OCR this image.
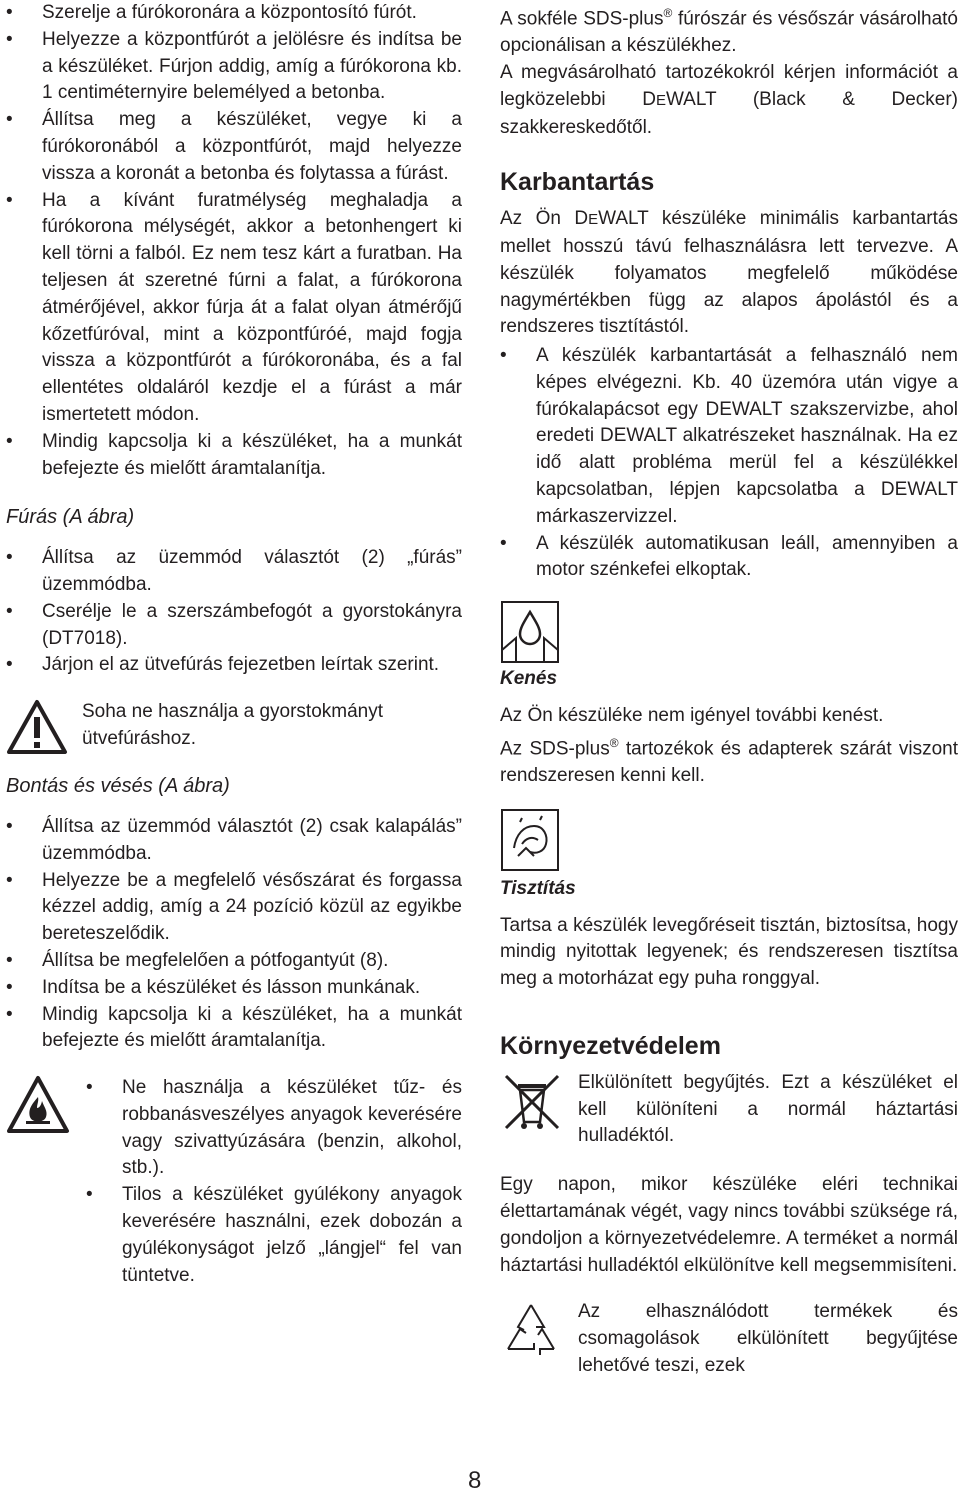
• Szerelje a fúrókoronára a központosító fúrót.
• Helyezze a központfúrót a jelölésre és indítsa be a készüléket. Fúrjon addig, amíg a fúrókorona kb. 1 centiméternyire belemélyed a betonba.
• Állítsa meg a készüléket, vegye ki a fúrókoronából a központfúrót, majd helyezze vissza a koronát a betonba és folytassa a fúrást.
• Ha a kívánt furatmélység meghaladja a fúrókorona mélységét, akkor a betonhengert ki kell törni a falból. Ez nem tesz kárt a furatban. Ha teljesen át szeretné fúrni a falat, a fúrókorona átmérőjével, akkor fúrja át a falat olyan átmérőjű kőzetfúróval, mint a központfúróé, majd fogja vissza a központfúrót a fúrókoronába, és a fal ellentétes oldaláról kezdje el a fúrást a már ismertetett módon.
• Mindig kapcsolja ki a készüléket, ha a munkát befejezte és mielőtt áramtalanítja.
Fúrás (A ábra)
• Állítsa az üzemmód választót (2) „fúrás” üzemmódba.
• Cserélje le a szerszámbefogót a gyorstokányra (DT7018).
• Járjon el az ütvefúrás fejezetben leírtak szerint.

Soha ne használja a gyorstokmányt ütvefúráshoz.

Bontás és vésés (A ábra)
• Állítsa az üzemmód választót (2) csak kalapálás” üzemmódba.
• Helyezze be a megfelelő vésőszárat és forgassa kézzel addig, amíg a 24 pozíció közül az egyikbe bereteszelődik.
• Állítsa be megfelelően a pótfogantyút (8).
• Indítsa be a készüléket és lásson munkának.
• Mindig kapcsolja ki a készüléket, ha a munkát befejezte és mielőtt áramtalanítja.
• Ne használja a készüléket tűz- és robbanásveszélyes anyagok keverésére vagy szivattyúzására (benzin, alkohol, stb.).
• Tilos a készüléket gyúlékony anyagok keverésére használni, ezek dobozán a gyúlékonyságot jelző „lángjel“ fel van tüntetve.

A sokféle SDS-plus® fúrószár és vésőszár vásárolható opcionálisan a készülékhez.

A megvásárolható tartozékokról kérjen információt a legközelebbi DEWALT (Black & Decker) szakkereskedőtől.

Karbantartás

Az Ön DEWALT készüléke minimális karbantartás mellet hosszú távú felhasználásra lett tervezve. A készülék folyamatos megfelelő működése nagymértékben függ az alapos ápolástól és a rendszeres tisztítástól.

• A készülék karbantartását a felhasználó nem képes elvégezni. Kb. 40 üzemóra után vigye a fúrókalapácsot egy DEWALT szakszervizbe, ahol eredeti DEWALT alkatrészeket használnak. Ha ez idő alatt probléma merül fel a készülékkel kapcsolatban, lépjen kapcsolatba a DEWALT márkaszervizzel.
• A készülék automatikusan leáll, amennyiben a motor szénkefei elkoptak.
Kenés

Az Ön készüléke nem igényel további kenést.

Az SDS-plus® tartozékok és adapterek szárát viszont rendszeresen kenni kell.

Tisztítás

Tartsa a készülék levegőréseit tisztán, biztosítsa, hogy mindig nyitottak legyenek; és rendszeresen tisztítsa meg a motorházat egy puha ronggyal.

Környezetvédelem

Elkülönített begyűjtés. Ezt a készüléket el kell különíteni a normál háztartási hulladéktól.

Egy napon, mikor készüléke eléri technikai élettartamának végét, vagy nincs további szüksége rá, gondoljon a környezetvédelemre. A terméket a normál háztartási hulladéktól elkülönítve kell megsemmisíteni.

Az elhasználódott termékek és csomagolások elkülönített begyűjtése lehetővé teszi, ezek

8
